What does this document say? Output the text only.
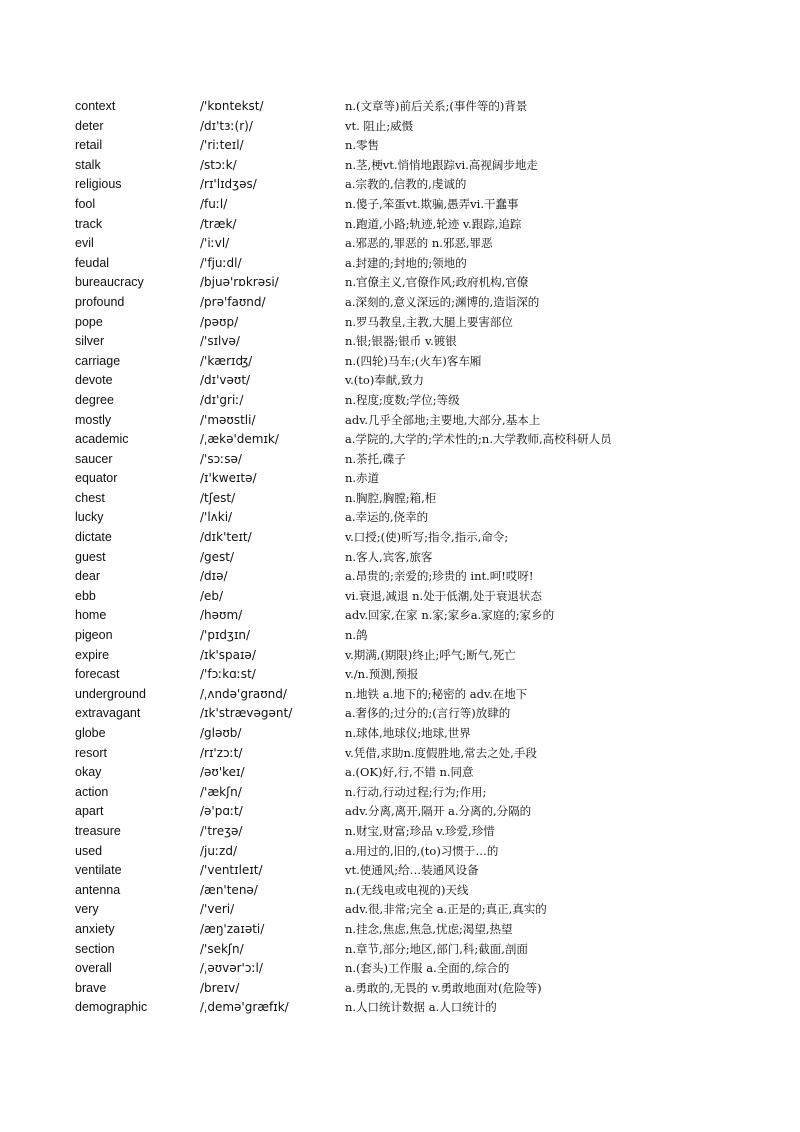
context	/'kɒntekst/	n.(文章等)前后关系;(事件等的)背景
deter	/dɪ'tɜː(r)/	vt. 阻止;威慑
retail	/'riːteɪl/	n.零售
stalk	/stɔːk/	n.茎,梗vt.悄悄地跟踪vi.高视阔步地走
religious	/rɪ'lɪdʒəs/	a.宗教的,信教的,虔诚的
fool	/fuːl/	n.傻子,笨蛋vt.欺骗,愚弄vi.干蠢事
track	/træk/	n.跑道,小路;轨迹,轮迹 v.跟踪,追踪
evil	/'iːvl/	a.邪恶的,罪恶的 n.邪恶,罪恶
feudal	/'fjuːdl/	a.封建的;封地的;领地的
bureaucracy	/bjuə'rɒkrəsi/	n.官僚主义,官僚作风;政府机构,官僚
profound	/prə'faʊnd/	a.深刻的,意义深远的;渊博的,造诣深的
pope	/pəʊp/	n.罗马教皇,主教,大腿上要害部位
silver	/'sɪlvə/	n.银;银器;银币 v.镀银
carriage	/'kærɪʤ/	n.(四轮)马车;(火车)客车厢
devote	/dɪ'vəʊt/	v.(to)奉献,致力
degree	/dɪ'griː/	n.程度;度数;学位;等级
mostly	/'məʊstli/	adv.几乎全部地;主要地,大部分,基本上
academic	/ˌækə'demɪk/	a.学院的,大学的;学术性的;n.大学教师,高校科研人员
saucer	/'sɔːsə/	n.茶托,碟子
equator	/ɪ'kweɪtə/	n.赤道
chest	/tʃest/	n.胸腔,胸膛;箱,柜
lucky	/'lʌki/	a.幸运的,侥幸的
dictate	/dɪk'teɪt/	v.口授;(使)听写;指令,指示,命令;
guest	/gest/	n.客人,宾客,旅客
dear	/dɪə/	a.昂贵的;亲爱的;珍贵的 int.呵!哎呀!
ebb	/eb/	vi.衰退,减退 n.处于低潮,处于衰退状态
home	/həʊm/	adv.回家,在家 n.家;家乡a.家庭的;家乡的
pigeon	/'pɪdʒɪn/	n.鸽
expire	/ɪk'spaɪə/	v.期满,(期限)终止;呼气;断气,死亡
forecast	/'fɔːkɑːst/	v./n.预测,预报
underground	/ˌʌndə'graʊnd/	n.地铁 a.地下的;秘密的 adv.在地下
extravagant	/ɪk'strævəgənt/	a.奢侈的;过分的;(言行等)放肆的
globe	/gləʊb/	n.球体,地球仪;地球,世界
resort	/rɪ'zɔːt/	v.凭借,求助n.度假胜地,常去之处,手段
okay	/əʊ'keɪ/	a.(OK)好,行,不错 n.同意
action	/'ækʃn/	n.行动,行动过程;行为;作用;
apart	/ə'pɑːt/	adv.分离,离开,隔开 a.分离的,分隔的
treasure	/'treʒə/	n.财宝,财富;珍品 v.珍爱,珍惜
used	/juːzd/	a.用过的,旧的,(to)习惯于…的
ventilate	/'ventɪleɪt/	vt.使通风;给…装通风设备
antenna	/æn'tenə/	n.(无线电或电视的)天线
very	/'veri/	adv.很,非常;完全 a.正是的;真正,真实的
anxiety	/æŋ'zaɪəti/	n.挂念,焦虑,焦急,忧虑;渴望,热望
section	/'sekʃn/	n.章节,部分;地区,部门,科;截面,剖面
overall	/ˌəʊvər'ɔːl/	n.(套头)工作服 a.全面的,综合的
brave	/breɪv/	a.勇敢的,无畏的 v.勇敢地面对(危险等)
demographic	/ˌdemə'græfɪk/	n.人口统计数据 a.人口统计的
